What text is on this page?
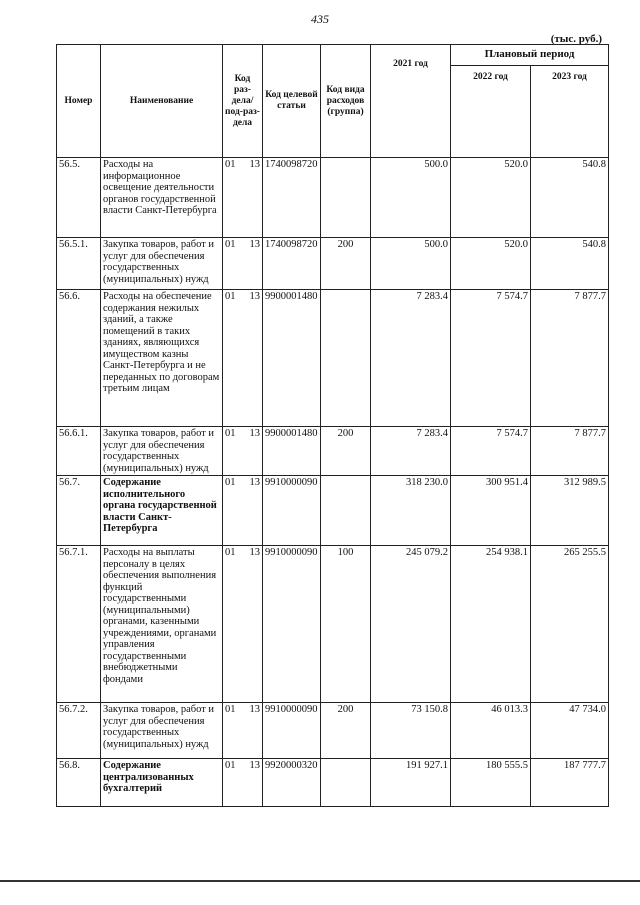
435
(тыс. руб.)
Номер	Наименование	Код раз-дела/ под-раз-дела	Код целевой статьи	Код вида расходов (группа)	2021 год	Плановый период	
						2022 год	2023 год
56.5.	Расходы на информационное освещение деятельности органов государственной власти Санкт-Петербурга	01 13	1740098720		500.0	520.0	540.8
56.5.1.	Закупка товаров, работ и услуг для обеспечения государственных (муниципальных) нужд	01 13	1740098720	200	500.0	520.0	540.8
56.6.	Расходы на обеспечение содержания нежилых зданий, а также помещений в таких зданиях, являющихся имуществом казны Санкт-Петербурга и не переданных по договорам третьим лицам	01 13	9900001480		7 283.4	7 574.7	7 877.7
56.6.1.	Закупка товаров, работ и услуг для обеспечения государственных (муниципальных) нужд	01 13	9900001480	200	7 283.4	7 574.7	7 877.7
56.7.	Содержание исполнительного органа государственной власти Санкт-Петербурга	01 13	9910000090		318 230.0	300 951.4	312 989.5
56.7.1.	Расходы на выплаты персоналу в целях обеспечения выполнения функций государственными (муниципальными) органами, казенными учреждениями, органами управления государственными внебюджетными фондами	01 13	9910000090	100	245 079.2	254 938.1	265 255.5
56.7.2.	Закупка товаров, работ и услуг для обеспечения государственных (муниципальных) нужд	01 13	9910000090	200	73 150.8	46 013.3	47 734.0
56.8.	Содержание централизованных бухгалтерий	01 13	9920000320		191 927.1	180 555.5	187 777.7
